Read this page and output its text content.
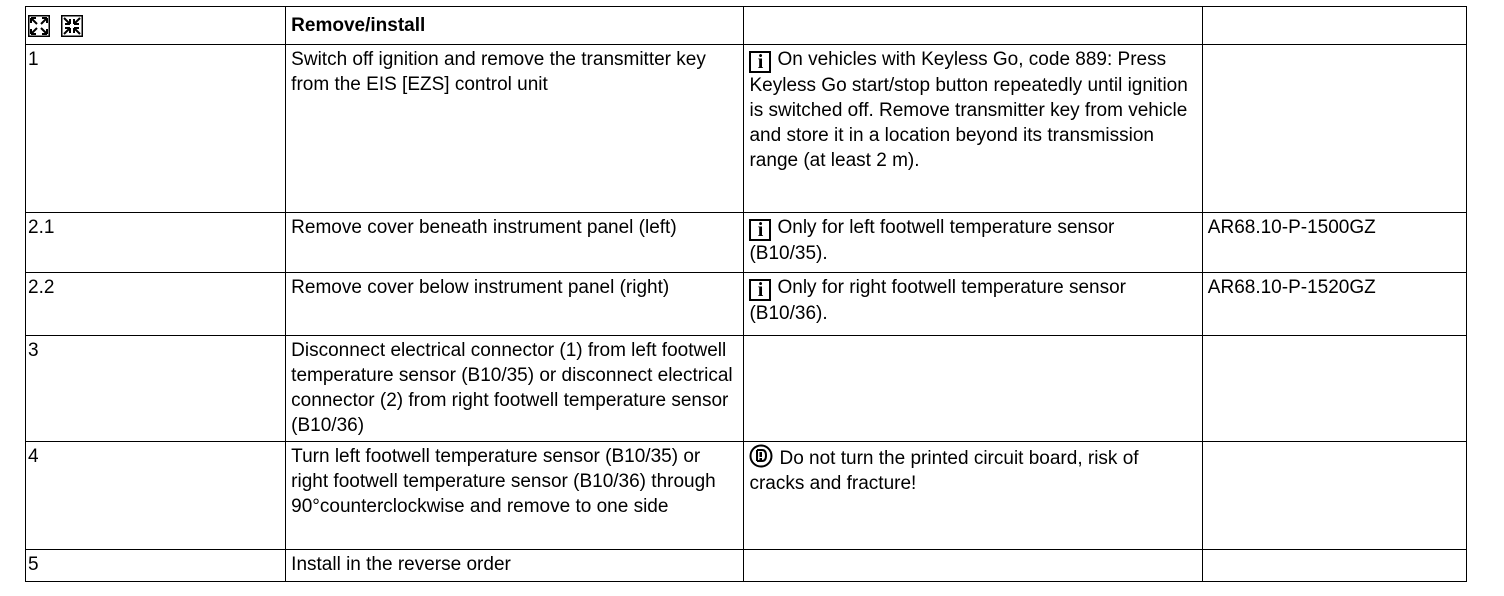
	Remove/install		
1	Switch off ignition and remove the transmitter key from the EIS [EZS] control unit	i On vehicles with Keyless Go, code 889: Press Keyless Go start/stop button repeatedly until ignition is switched off. Remove transmitter key from vehicle and store it in a location beyond its transmission range (at least 2 m).	
2.1	Remove cover beneath instrument panel (left)	i Only for left footwell temperature sensor (B10/35).	AR68.10-P-1500GZ
2.2	Remove cover below instrument panel (right)	i Only for right footwell temperature sensor (B10/36).	AR68.10-P-1520GZ
3	Disconnect electrical connector (1) from left footwell temperature sensor (B10/35) or disconnect electrical connector (2) from right footwell temperature sensor (B10/36)		
4	Turn left footwell temperature sensor (B10/35) or right footwell temperature sensor (B10/36) through 90°counterclockwise and remove to one side	Do not turn the printed circuit board, risk of cracks and fracture!	
5	Install in the reverse order		
